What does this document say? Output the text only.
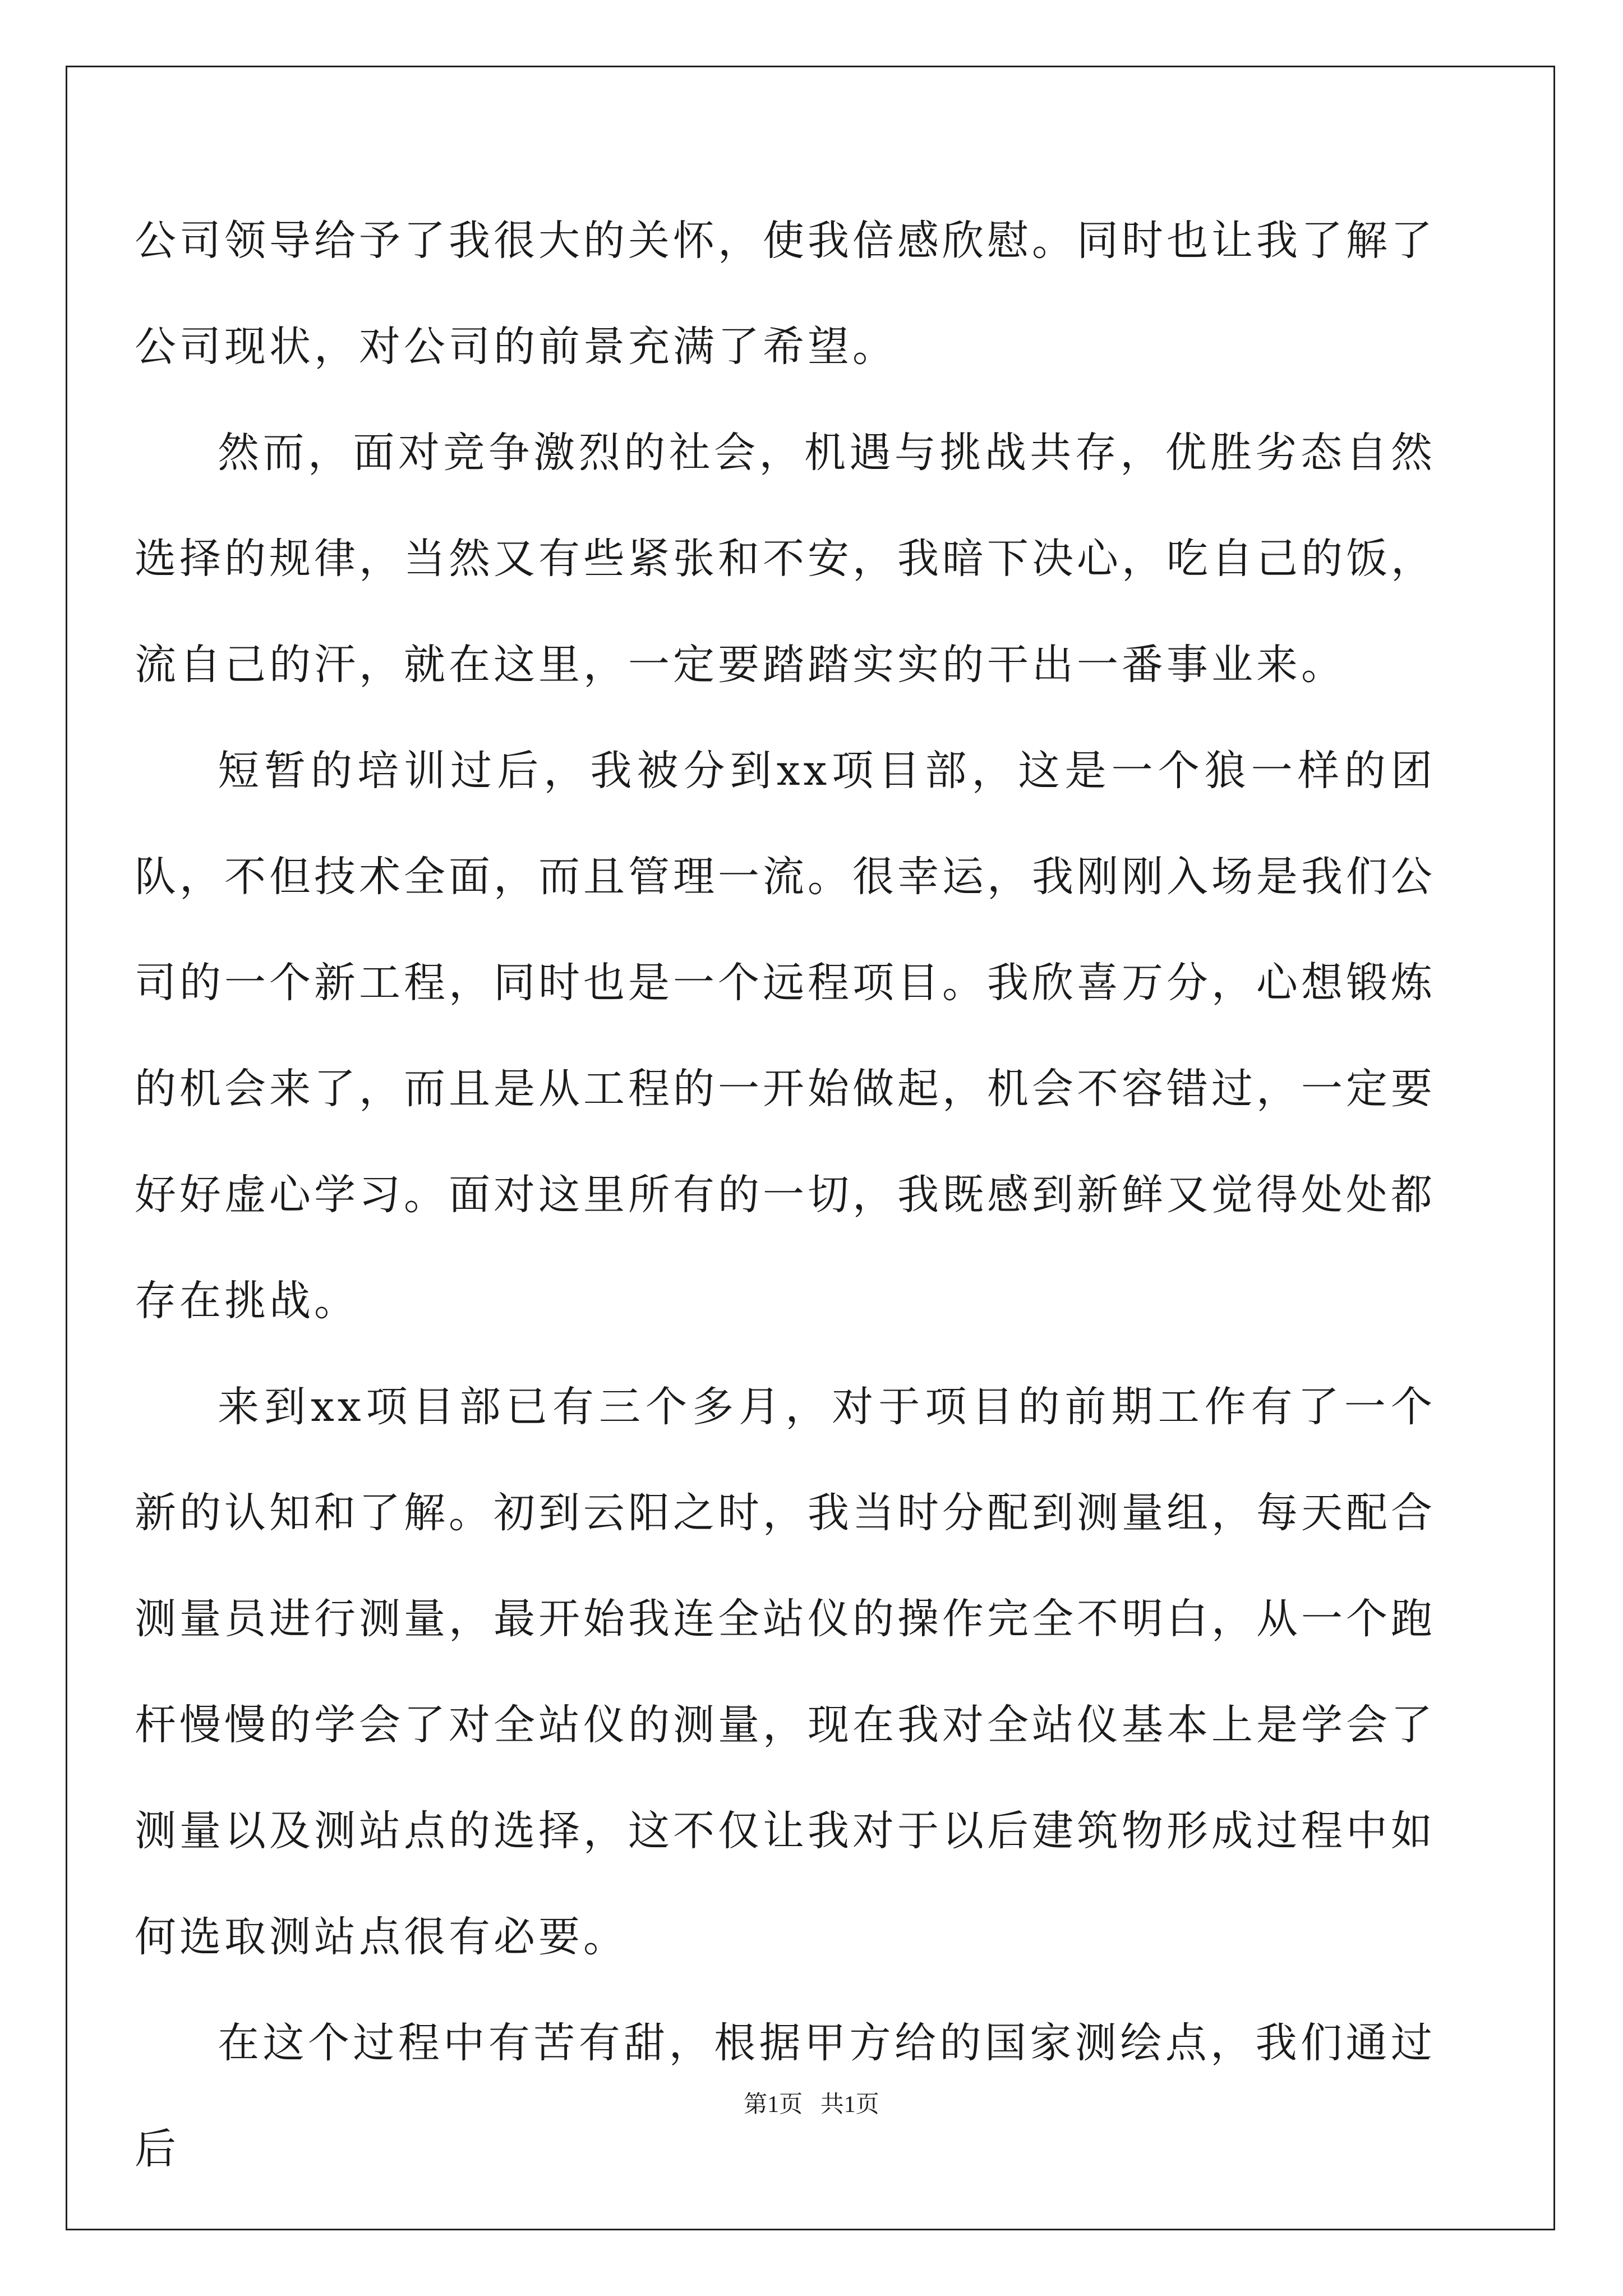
公司领导给予了我很大的关怀，使我倍感欣慰。同时也让我了解了公司现状，对公司的前景充满了希望。

然而，面对竞争激烈的社会，机遇与挑战共存，优胜劣态自然选择的规律，当然又有些紧张和不安，我暗下决心，吃自己的饭，流自己的汗，就在这里，一定要踏踏实实的干出一番事业来。

短暂的培训过后，我被分到xx项目部，这是一个狼一样的团队，不但技术全面，而且管理一流。很幸运，我刚刚入场是我们公司的一个新工程，同时也是一个远程项目。我欣喜万分，心想锻炼的机会来了，而且是从工程的一开始做起，机会不容错过，一定要好好虚心学习。面对这里所有的一切，我既感到新鲜又觉得处处都存在挑战。

来到xx项目部已有三个多月，对于项目的前期工作有了一个新的认知和了解。初到云阳之时，我当时分配到测量组，每天配合测量员进行测量，最开始我连全站仪的操作完全不明白，从一个跑杆慢慢的学会了对全站仪的测量，现在我对全站仪基本上是学会了测量以及测站点的选择，这不仅让我对于以后建筑物形成过程中如何选取测站点很有必要。

在这个过程中有苦有甜，根据甲方给的国家测绘点，我们通过后

第1页   共1页
